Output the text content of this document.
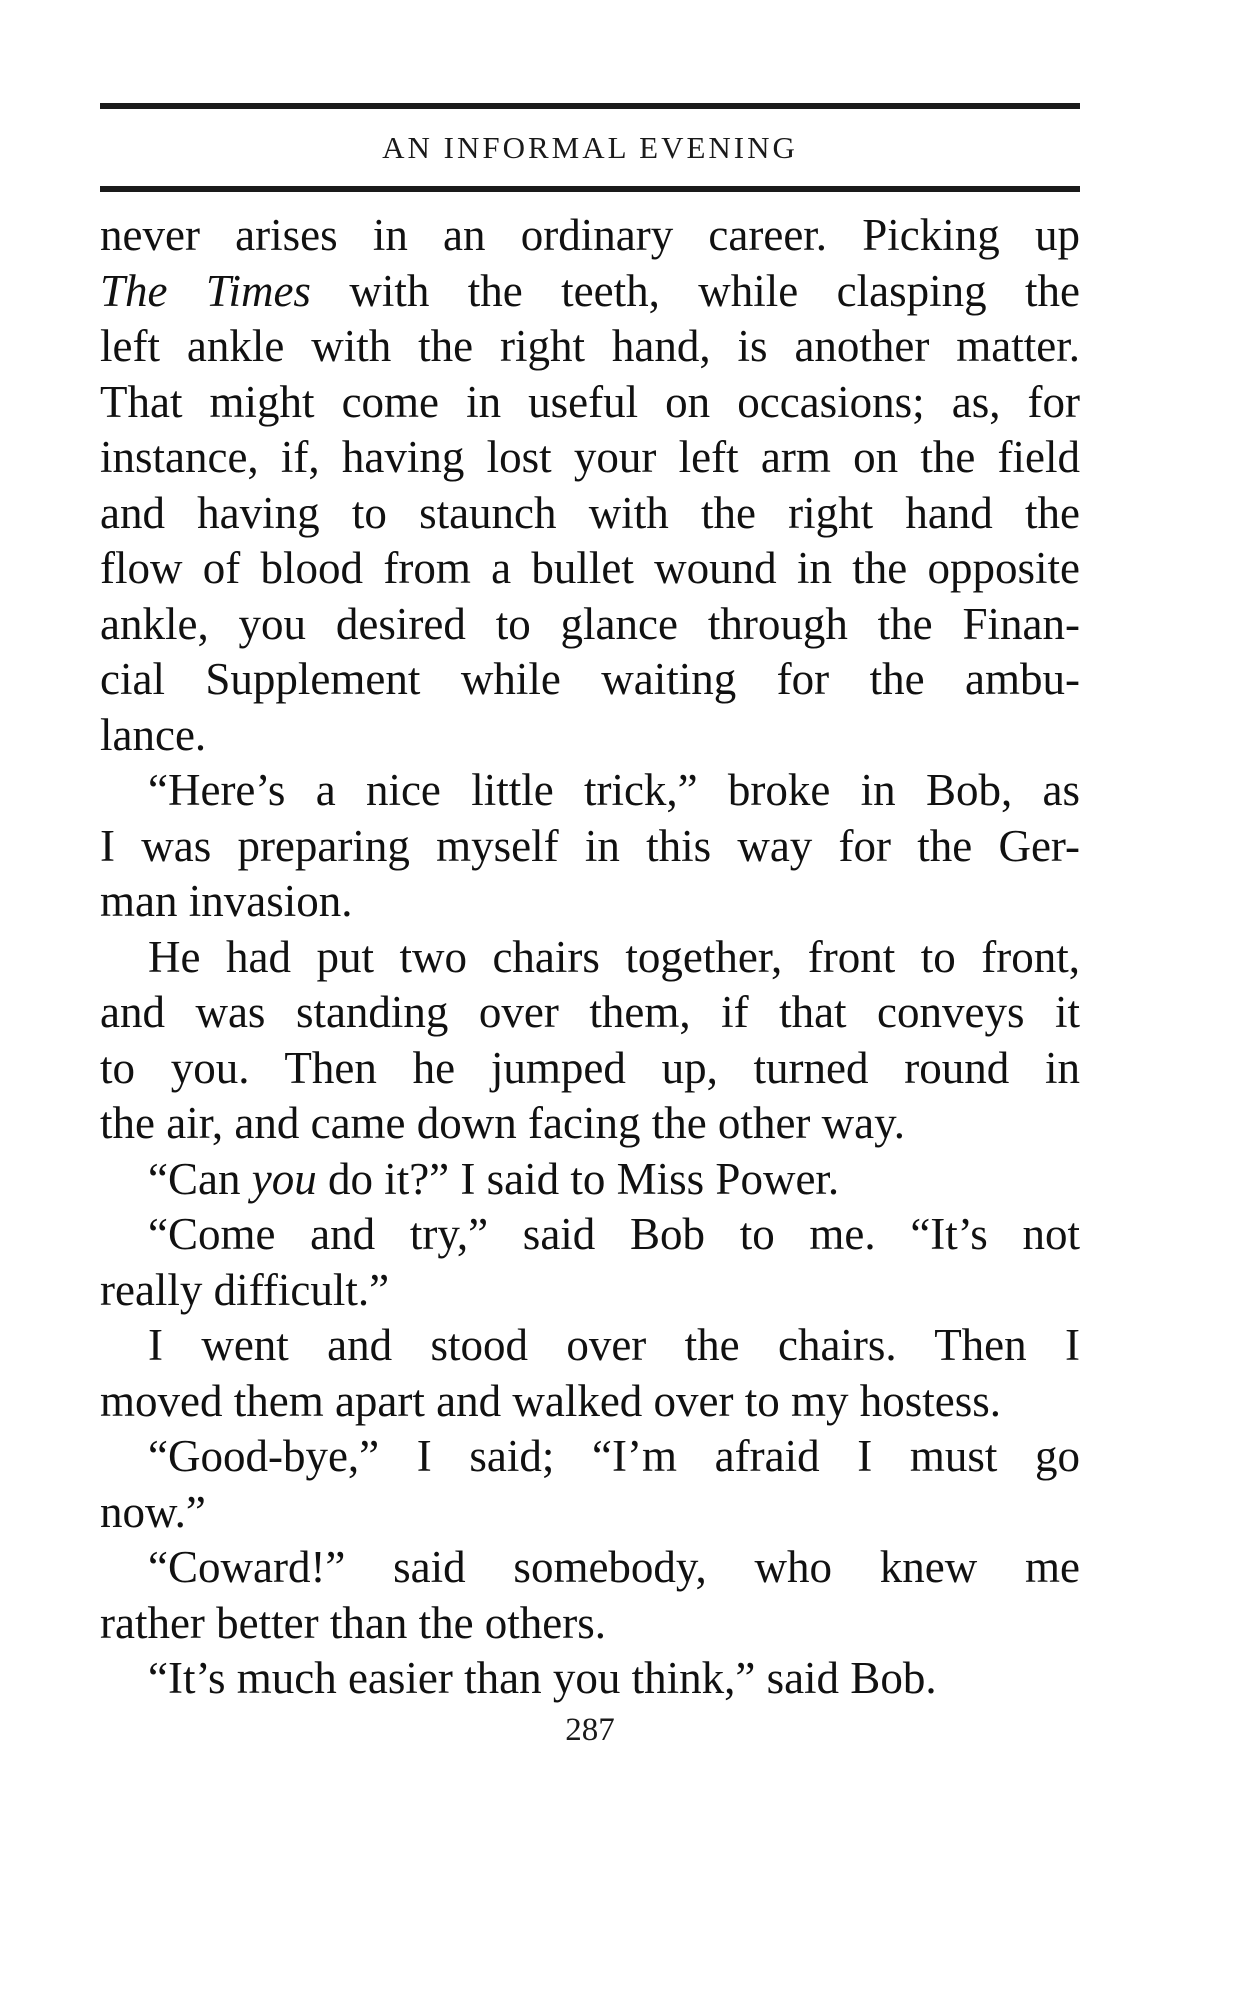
AN INFORMAL EVENING
never arises in an ordinary career. Picking up
The Times with the teeth, while clasping the
left ankle with the right hand, is another matter.
That might come in useful on occasions; as, for
instance, if, having lost your left arm on the field
and having to staunch with the right hand the
flow of blood from a bullet wound in the opposite
ankle, you desired to glance through the Finan-
cial Supplement while waiting for the ambu-
lance.
“Here’s a nice little trick,” broke in Bob, as
I was preparing myself in this way for the Ger-
man invasion.
He had put two chairs together, front to front,
and was standing over them, if that conveys it
to you. Then he jumped up, turned round in
the air, and came down facing the other way.
“Can you do it?” I said to Miss Power.
“Come and try,” said Bob to me. “It’s not
really difficult.”
I went and stood over the chairs. Then I
moved them apart and walked over to my hostess.
“Good-bye,” I said; “I’m afraid I must go
now.”
“Coward!” said somebody, who knew me
rather better than the others.
“It’s much easier than you think,” said Bob.
287
